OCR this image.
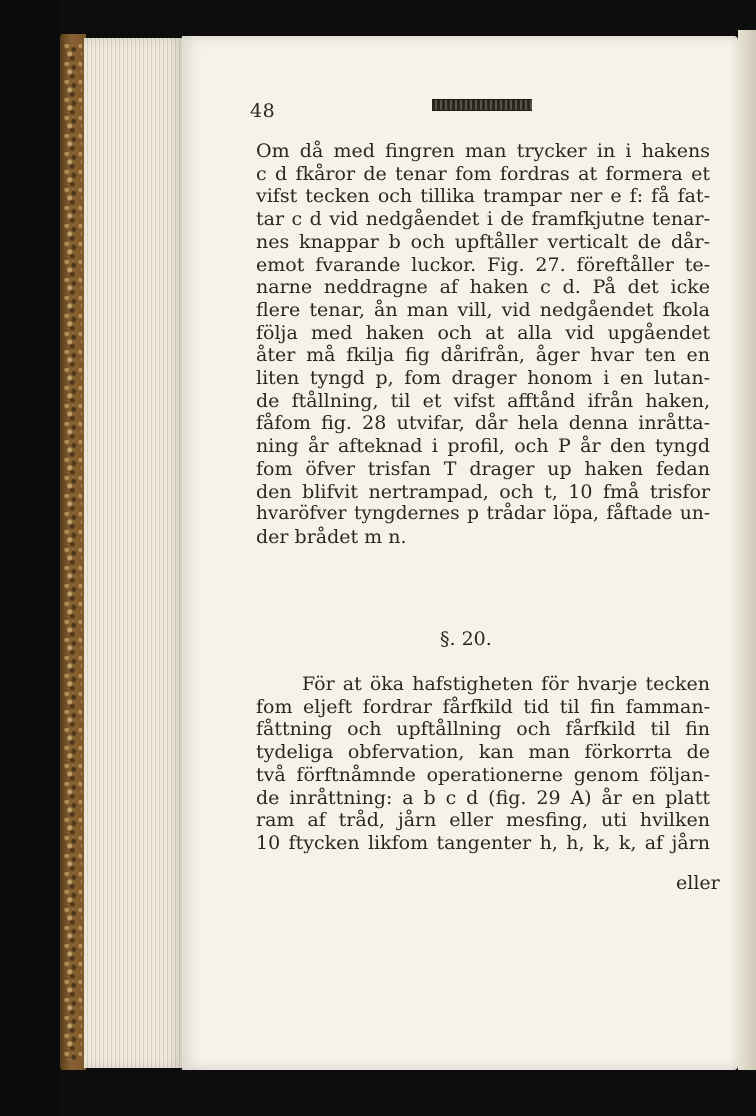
48
Om då med fingren man trycker in i hakens
c d fkåror de tenar fom fordras at formera et
vifst tecken och tillika trampar ner e f: få fat-
tar c d vid nedgåendet i de framfkjutne tenar-
nes knappar b och upftåller verticalt de dår-
emot fvarande luckor. Fig. 27. föreftåller te-
narne neddragne af haken c d. På det icke
flere tenar, ån man vill, vid nedgåendet fkola
följa med haken och at alla vid upgåendet
åter må fkilja fig dårifrån, åger hvar ten en
liten tyngd p, fom drager honom i en lutan-
de ftållning, til et vifst afftånd ifrån haken,
fåfom fig. 28 utvifar, dår hela denna inråtta-
ning år afteknad i profil, och P år den tyngd
fom öfver trisfan T drager up haken fedan
den blifvit nertrampad, och t, 10 fmå trisfor
hvaröfver tyngdernes p trådar löpa, fåftade un-
der brådet m n.
§. 20.
För at öka hafstigheten för hvarje tecken
fom eljeft fordrar fårfkild tid til fin famman-
fåttning och upftållning och fårfkild til fin
tydeliga obfervation, kan man förkorrta de
två förftnåmnde operationerne genom följan-
de inråttning: a b c d (fig. 29 A) år en platt
ram af tråd, jårn eller mesfing, uti hvilken
10 ftycken likfom tangenter h, h, k, k, af jårn
eller
